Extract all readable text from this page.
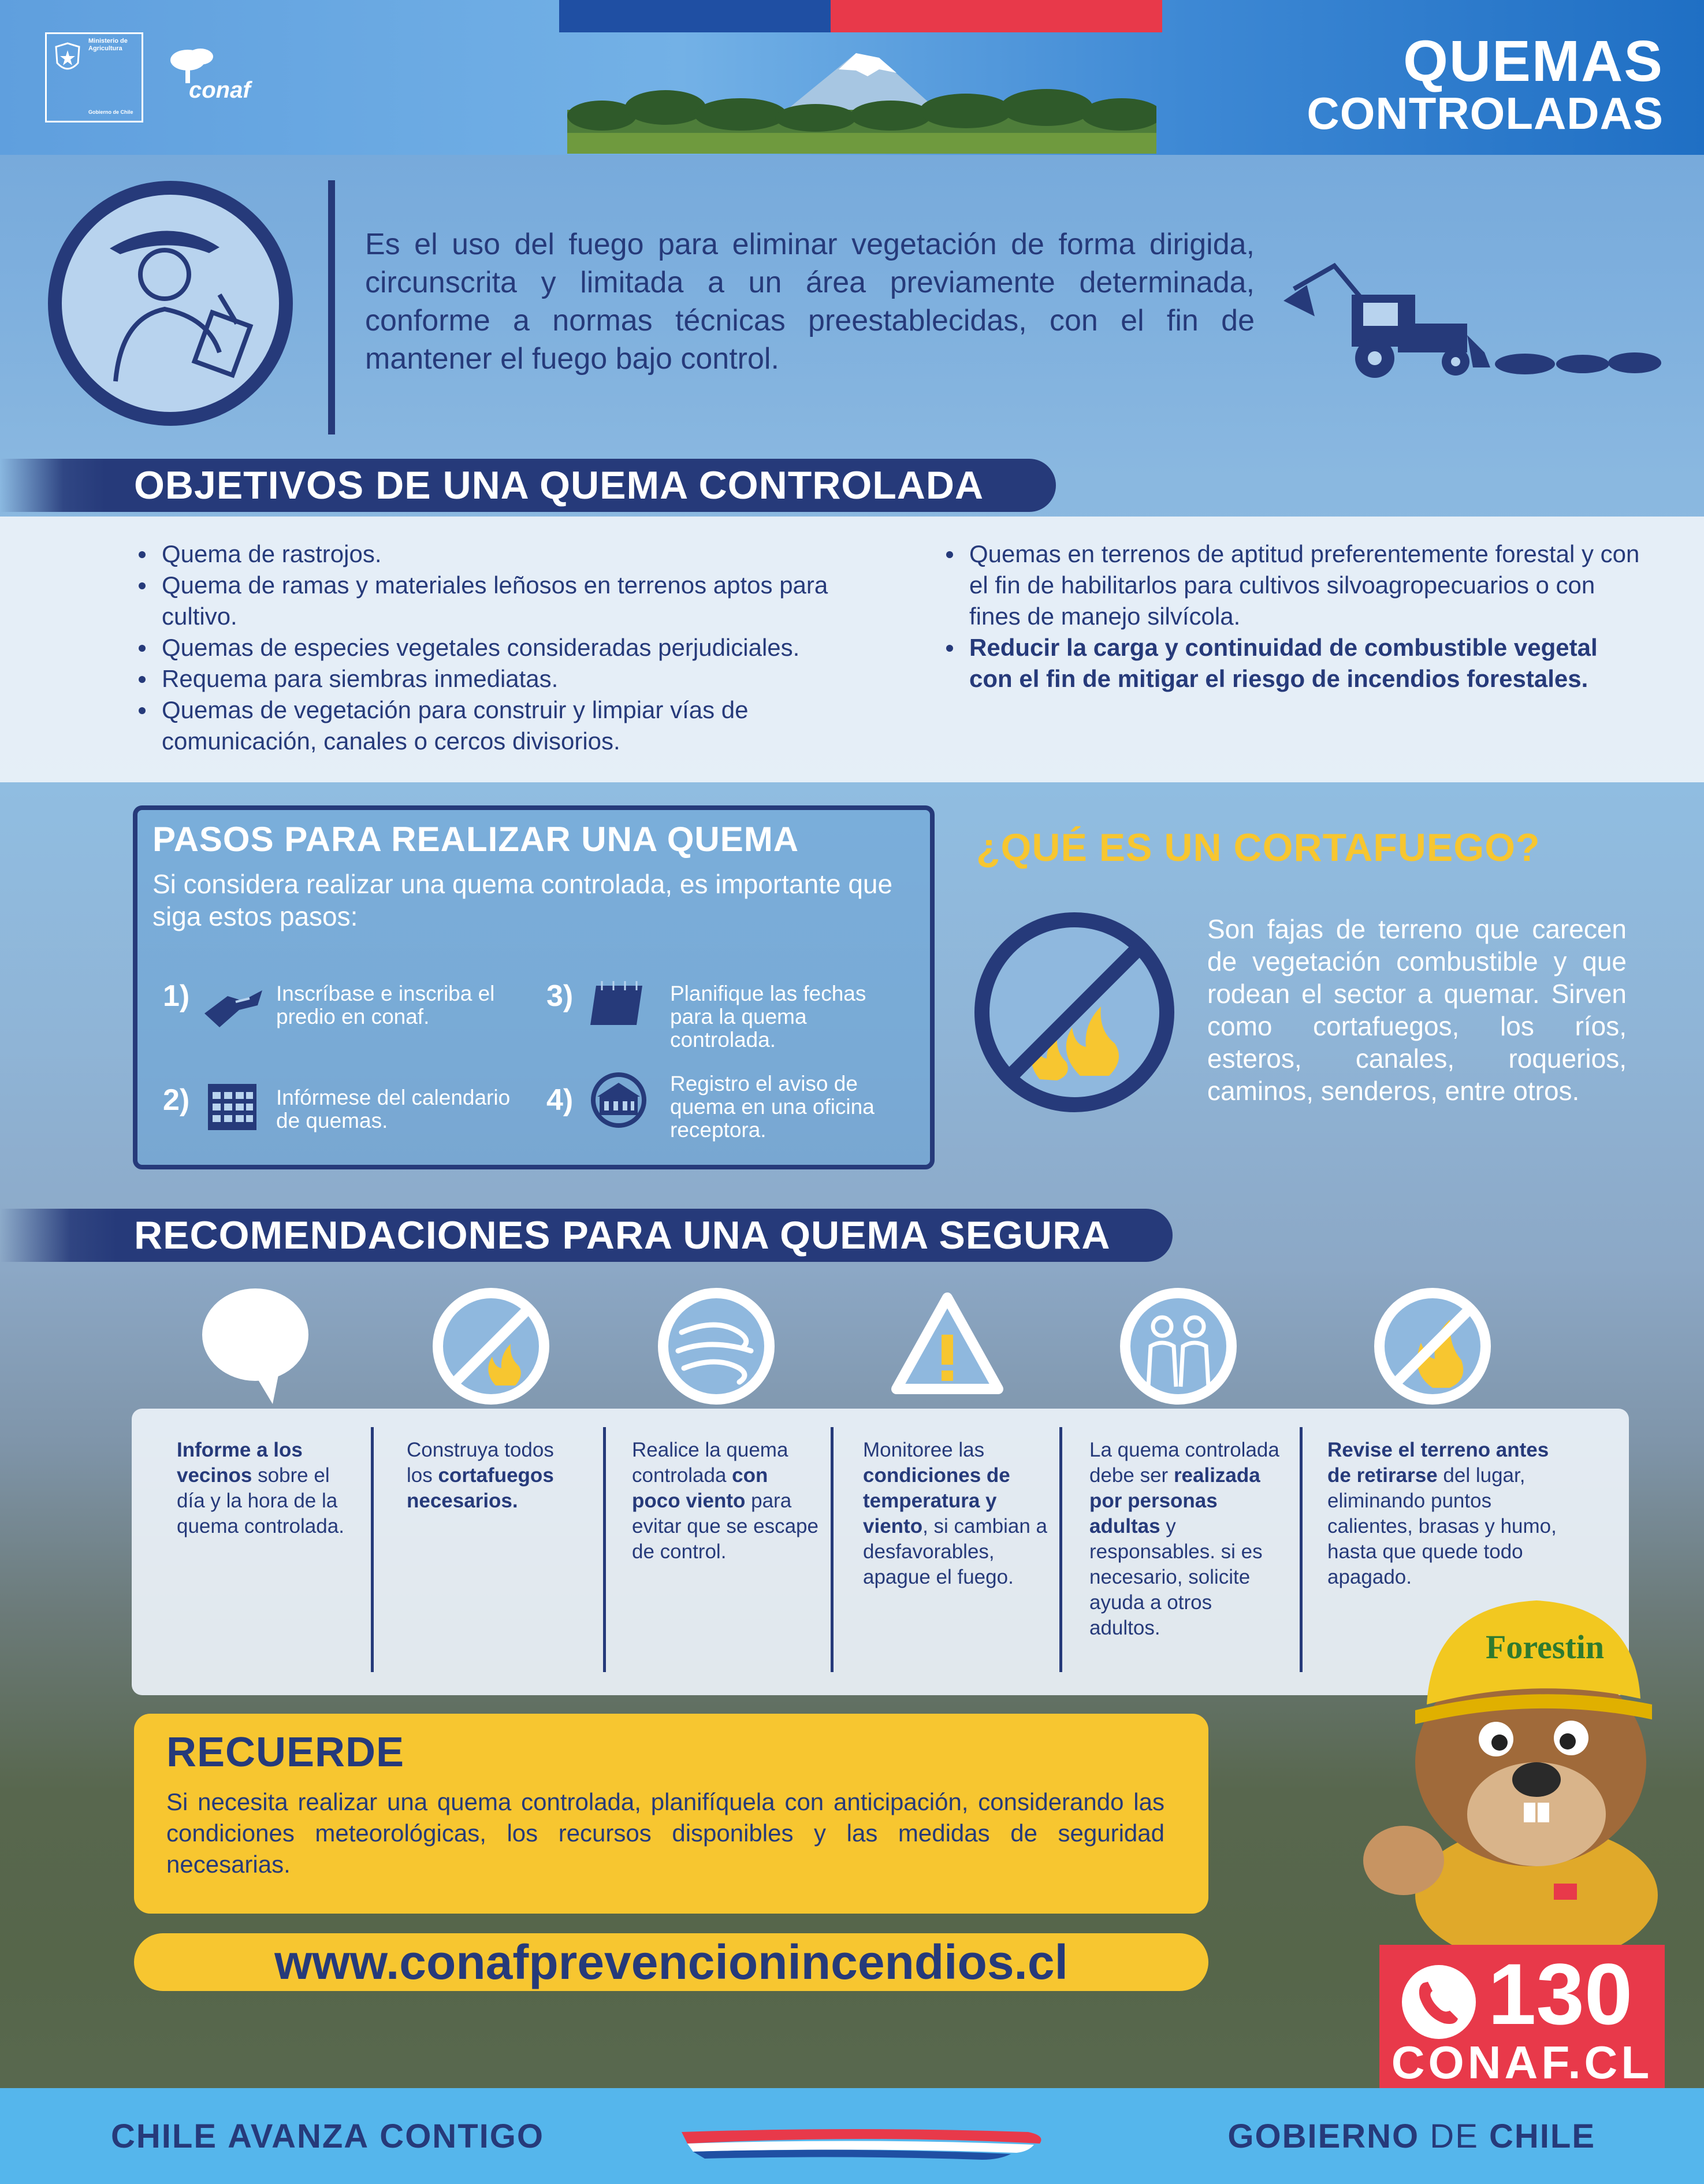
Ministerio de
Agricultura
Gobierno de Chile
conaf	QUEMAS
CONTROLADAS
Es el uso del fuego para eliminar vegetación de forma dirigida, circunscrita y limitada a un área previamente determinada, conforme a normas técnicas preestablecidas, con el fin de mantener el fuego bajo control.
OBJETIVOS DE UNA QUEMA CONTROLADA
Quema de rastrojos.
Quema de ramas y materiales leñosos en terrenos aptos para cultivo.
Quemas de especies vegetales consideradas perjudiciales.
Requema para siembras inmediatas.
Quemas de vegetación para construir y limpiar vías de comunicación, canales o cercos divisorios.
Quemas en terrenos de aptitud preferentemente forestal y con el fin de habilitarlos para cultivos silvoagropecuarios o con fines de manejo silvícola.
Reducir la carga y continuidad de combustible vegetal con el fin de mitigar el riesgo de incendios forestales.
PASOS PARA REALIZAR UNA QUEMA
Si considera realizar una quema controlada, es importante que siga estos pasos:
1)	Inscríbase e inscriba el predio en conaf.
2)	Infórmese del calendario de quemas.
3)	Planifique las fechas para la quema controlada.
4)	Registro el aviso de quema en una oficina receptora.
¿QUÉ ES UN CORTAFUEGO?
Son fajas de terreno que carecen de vegetación combustible y que rodean el sector a quemar. Sirven como cortafuegos, los ríos, esteros, canales, roquerios, caminos, senderos, entre otros.
RECOMENDACIONES PARA UNA QUEMA SEGURA
Informe a los vecinos sobre el día y la hora de la quema controlada.
Construya todos los cortafuegos necesarios.
Realice la quema controlada con poco viento para evitar que se escape de control.
Monitoree las condiciones de temperatura y viento, si cambian a desfavorables, apague el fuego.
La quema controlada debe ser realizada por personas adultas y responsables. si es necesario, solicite ayuda a otros adultos.
Revise el terreno antes de retirarse del lugar, eliminando puntos calientes, brasas y humo, hasta que quede todo apagado.
RECUERDE
Si necesita realizar una quema controlada, planifíquela con anticipación, considerando las condiciones meteorológicas, los recursos disponibles y las medidas de seguridad necesarias.
www.conafprevencionincendios.cl
Forestin
130
CONAF.CL
CHILE AVANZA CONTIGO	GOBIERNO DE CHILE
